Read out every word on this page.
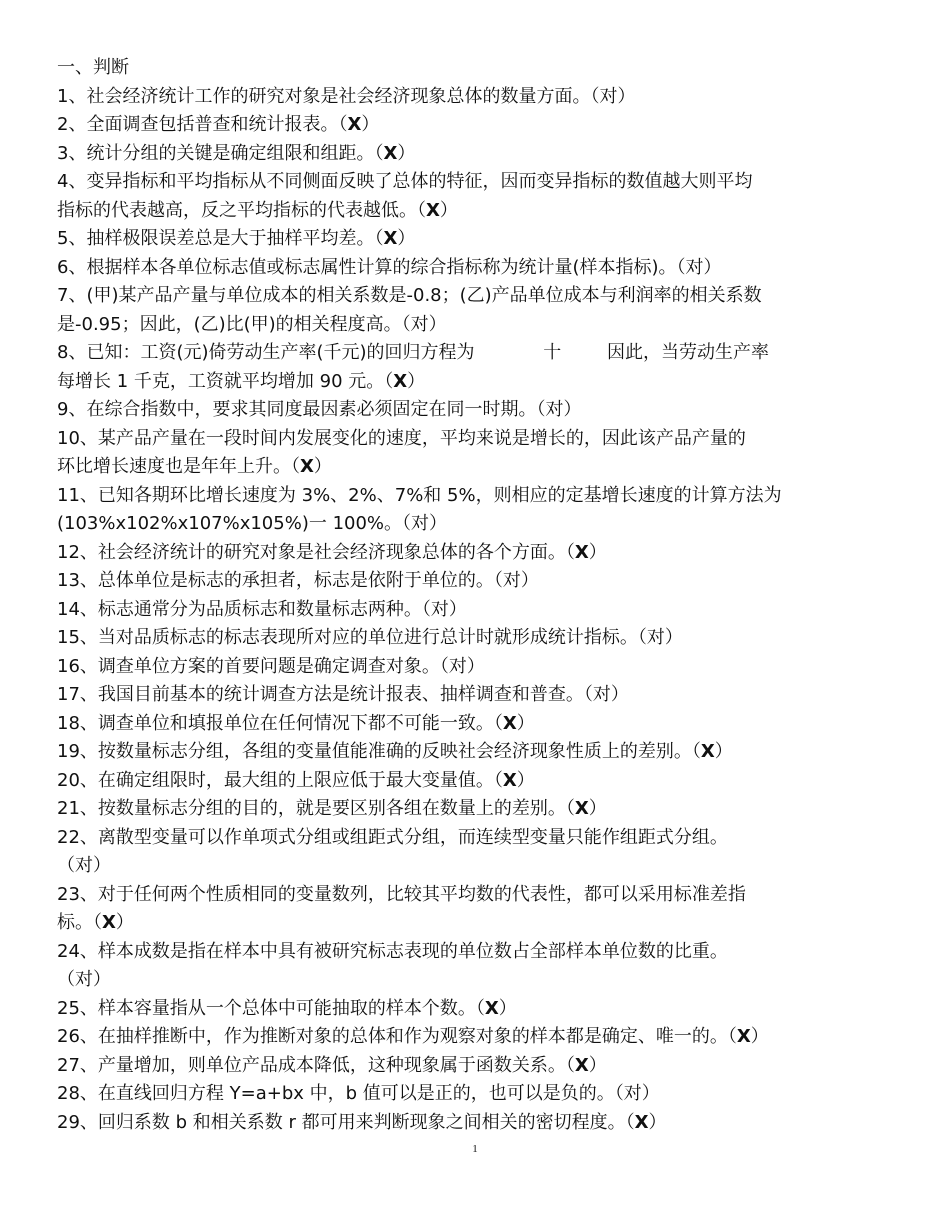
一、判断

1、社会经济统计工作的研究对象是社会经济现象总体的数量方面。（对）

2、全面调查包括普查和统计报表。（X）

3、统计分组的关键是确定组限和组距。（X）

4、变异指标和平均指标从不同侧面反映了总体的特征，因而变异指标的数值越大则平均

指标的代表越高，反之平均指标的代表越低。（X）

5、抽样极限误差总是大于抽样平均差。（X）

6、根据样本各单位标志值或标志属性计算的综合指标称为统计量(样本指标)。（对）

7、(甲)某产品产量与单位成本的相关系数是-0.8；(乙)产品单位成本与利润率的相关系数

是-0.95；因此，(乙)比(甲)的相关程度高。（对）

8、已知：工资(元)倚劳动生产率(千元)的回归方程为            十        因此，当劳动生产率

每增长 1 千克，工资就平均增加 90 元。（X）

9、在综合指数中，要求其同度最因素必须固定在同一时期。（对）

10、某产品产量在一段时间内发展变化的速度，平均来说是增长的，因此该产品产量的

环比增长速度也是年年上升。（X）

11、已知各期环比增长速度为 3%、2%、7%和 5%，则相应的定基增长速度的计算方法为

(103%x102%x107%x105%)一 100%。（对）

12、社会经济统计的研究对象是社会经济现象总体的各个方面。（X）

13、总体单位是标志的承担者，标志是依附于单位的。（对）

14、标志通常分为品质标志和数量标志两种。（对）

15、当对品质标志的标志表现所对应的单位进行总计时就形成统计指标。（对）

16、调查单位方案的首要问题是确定调查对象。（对）

17、我国目前基本的统计调查方法是统计报表、抽样调查和普查。（对）

18、调查单位和填报单位在任何情况下都不可能一致。（X）

19、按数量标志分组，各组的变量值能准确的反映社会经济现象性质上的差别。（X）

20、在确定组限时，最大组的上限应低于最大变量值。（X）

21、按数量标志分组的目的，就是要区别各组在数量上的差别。（X）

22、离散型变量可以作单项式分组或组距式分组，而连续型变量只能作组距式分组。

（对）

23、对于任何两个性质相同的变量数列，比较其平均数的代表性，都可以采用标准差指

标。（X）

24、样本成数是指在样本中具有被研究标志表现的单位数占全部样本单位数的比重。

（对）

25、样本容量指从一个总体中可能抽取的样本个数。（X）

26、在抽样推断中，作为推断对象的总体和作为观察对象的样本都是确定、唯一的。（X）

27、产量增加，则单位产品成本降低，这种现象属于函数关系。（X）

28、在直线回归方程 Y=a+bx 中，b 值可以是正的，也可以是负的。（对）

29、回归系数 b 和相关系数 r 都可用来判断现象之间相关的密切程度。（X）

1
